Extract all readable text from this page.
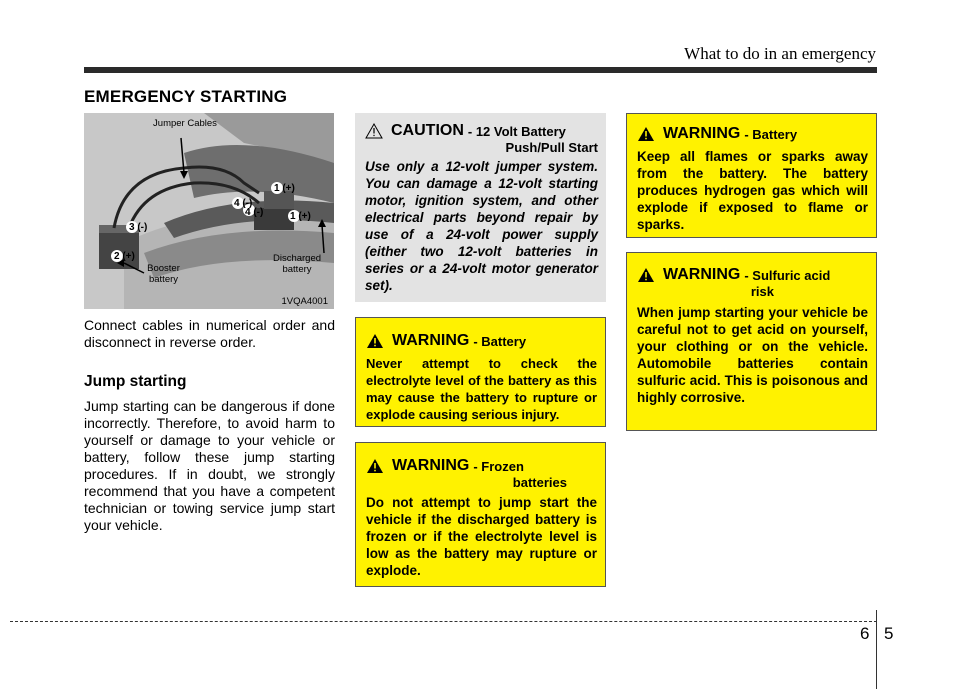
What to do in an emergency
EMERGENCY STARTING
Jumper Cables
Booster battery
Discharged battery
1 (+)
1 (+)
2 (+)
3 (-)
4 (-)
4 (-)
1VQA4001
Connect cables in numerical order and disconnect in reverse order.
Jump starting
Jump starting can be dangerous if done incorrectly. Therefore, to avoid harm to yourself or damage to your vehicle or battery, follow these jump starting procedures. If in doubt, we strongly recommend that you have a competent technician or towing service jump start your vehicle.
CAUTION - 12 Volt Battery
Push/Pull Start
Use only a 12-volt jumper system. You can damage a 12-volt starting motor, ignition system, and other electrical parts beyond repair by use of a 24-volt power supply (either two 12-volt batteries in series or a 24-volt motor generator set).
WARNING - Battery
Never attempt to check the electrolyte level of the battery as this may cause the battery to rupture or explode causing serious injury.
WARNING - Frozen
batteries
Do not attempt to jump start the vehicle if the discharged battery is frozen or if the electrolyte level is low as the battery may rupture or explode.
WARNING - Battery
Keep all flames or sparks away from the battery. The battery produces hydrogen gas which will explode if exposed to flame or sparks.
WARNING - Sulfuric acid
risk
When jump starting your vehicle be careful not to get acid on yourself, your clothing or on the vehicle. Automobile batteries contain sulfuric acid. This is poisonous and highly corrosive.
6 5
